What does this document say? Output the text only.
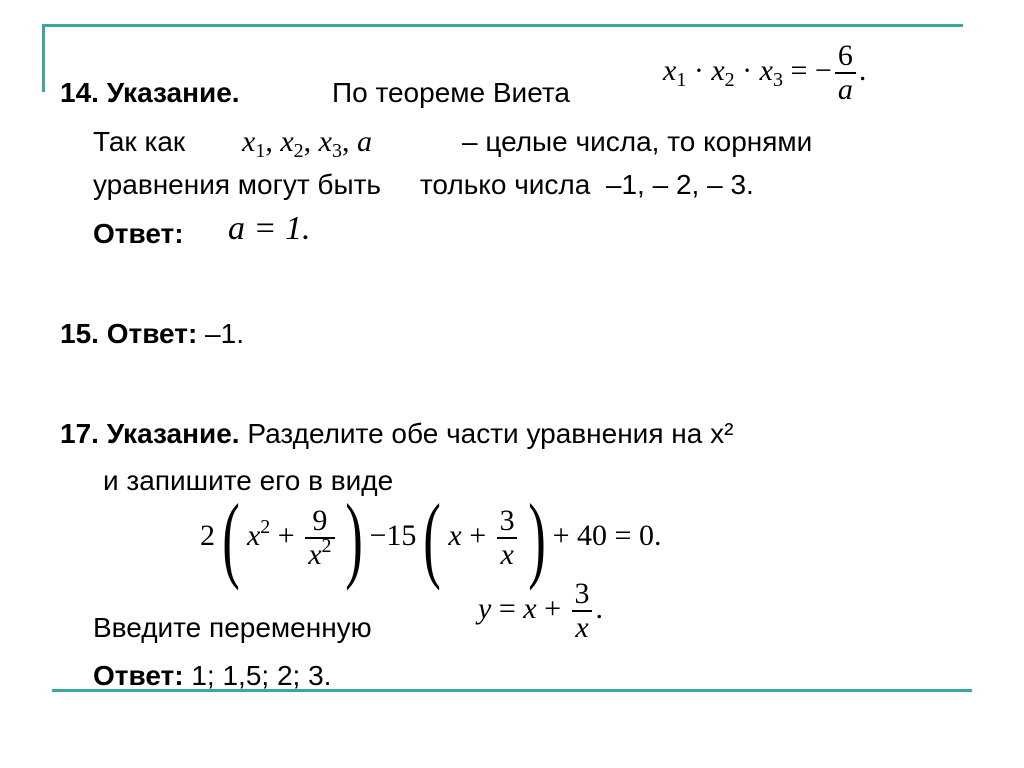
14. Указание.	По теореме Виета
$x_1 \cdot x_2 \cdot x_3$ = − $\frac{6}{a}$ .
Так как $x_1$, $x_2$, $x_3$, a	– целые числа, то корнями
уравнения могут быть     только числа  –1, – 2, – 3.
Ответ: a = 1.
15. Ответ: –1.
17. Указание. Разделите обе части уравнения на x²
и запишите его в виде
2( $x^2 + \frac{9}{x^2}$ ) −15( $x + \frac{3}{x}$ ) + 40 = 0.
Введите переменную
$y = x + \frac{3}{x}$ .
Ответ: 1; 1,5; 2; 3.
